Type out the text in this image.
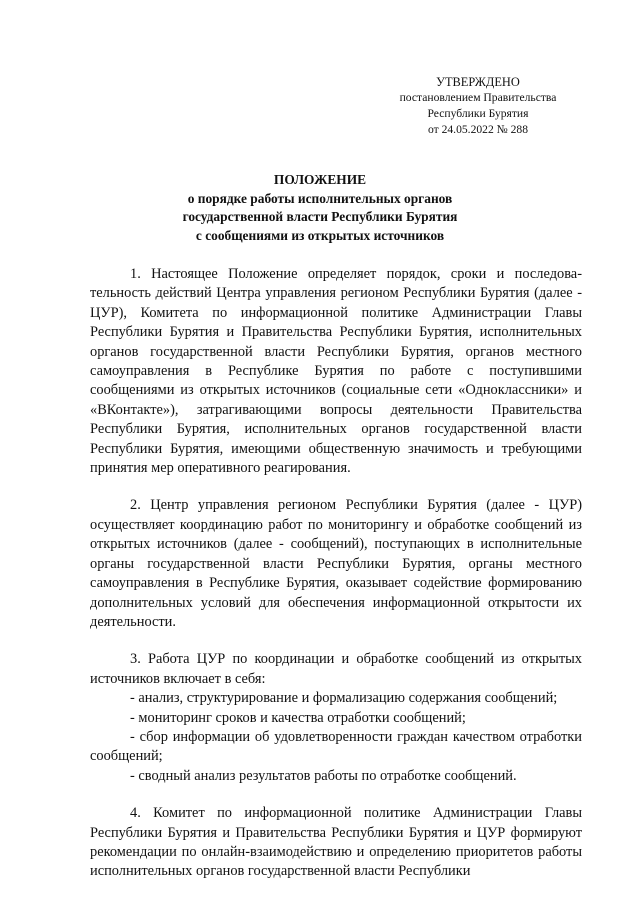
УТВЕРЖДЕНО
постановлением Правительства
Республики Бурятия
от 24.05.2022 № 288
ПОЛОЖЕНИЕ
о порядке работы исполнительных органов
государственной власти Республики Бурятия
с сообщениями из открытых источников

1. Настоящее Положение определяет порядок, сроки и последовательность действий Центра управления регионом Республики Бурятия (далее - ЦУР), Комитета по информационной политике Администрации Главы Республики Бурятия и Правительства Республики Бурятия, исполнительных органов государственной власти Республики Бурятия, органов местного самоуправления в Республике Бурятия по работе с поступившими сообщениями из открытых источников (социальные сети «Одноклассники» и «ВКонтакте»), затрагивающими вопросы деятельности Правительства Республики Бурятия, исполнительных органов государственной власти Республики Бурятия, имеющими общественную значимость и требующими принятия мер оперативного реагирования.

2. Центр управления регионом Республики Бурятия (далее - ЦУР) осуществляет координацию работ по мониторингу и обработке сообщений из открытых источников (далее - сообщений), поступающих в исполнительные органы государственной власти Республики Бурятия, органы местного самоуправления в Республике Бурятия, оказывает содействие формированию дополнительных условий для обеспечения информационной открытости их деятельности.

3. Работа ЦУР по координации и обработке сообщений из открытых источников включает в себя:
- анализ, структурирование и формализацию содержания сообщений;
- мониторинг сроков и качества отработки сообщений;
- сбор информации об удовлетворенности граждан качеством отработки сообщений;
- сводный анализ результатов работы по отработке сообщений.

4. Комитет по информационной политике Администрации Главы Республики Бурятия и Правительства Республики Бурятия и ЦУР формируют рекомендации по онлайн-взаимодействию и определению приоритетов работы исполнительных органов государственной власти Республики
